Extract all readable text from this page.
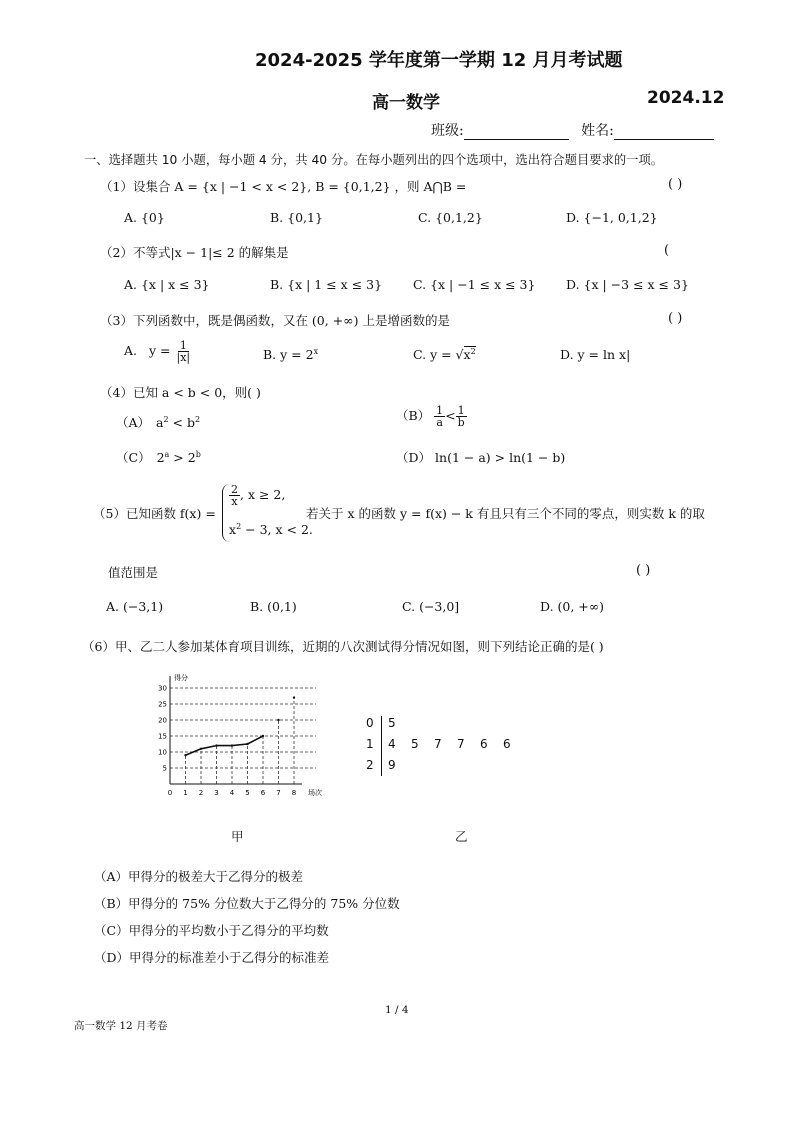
2024-2025 学年度第一学期 12 月月考试题
高一数学	2024.12
班级:	姓名:
一、选择题共 10 小题，每小题 4 分，共 40 分。在每小题列出的四个选项中，选出符合题目要求的一项。
（1）设集合 A = {x | −1 < x < 2}, B = {0,1,2} ，则 A⋂B =	( )
A. {0}	B. {0,1}	C. {0,1,2}	D. {−1, 0,1,2}
（2）不等式|x − 1|≤ 2 的解集是	(
A. {x | x ≤ 3}	B. {x | 1 ≤ x ≤ 3} C. {x | −1 ≤ x ≤ 3} D. {x | −3 ≤ x ≤ 3}
（3）下列函数中，既是偶函数，又在 (0, +∞) 上是增函数的是	( )
A. $y = \frac{1}{|x|}$	B. $y = 2^x$	C. $y = √x^2$	D. y = ln x|
（4）已知 a < b < 0，则( )
（A） $a^2 < b^2$	$(B) \frac{1}{a} < \frac{1}{b}$
（C） $2^a > 2^b$	（D） ln(1 − a) > ln(1 − b)
（5）已知函数 f(x) =
$\frac{2}{x}$ , x ≥ 2,
$x^2 - 3$, x < 2.
若关于 x 的函数 y = f(x) − k 有且只有三个不同的零点，则实数 k 的取
值范围是	( )
A. (−3,1)	B. (0,1)	C. (−3,0]	D. (0, +∞)
（6）甲、乙二人参加某体育项目训练，近期的八次测试得分情况如图，则下列结论正确的是( )
5
10
15
20
25
30
得分
场次
0 1 2 3 4 5 6 7 8
0 5
1 4 5 7 7 6 6
2 9
甲	乙
（A）甲得分的极差大于乙得分的极差
（B）甲得分的 75% 分位数大于乙得分的 75% 分位数
（C）甲得分的平均数小于乙得分的平均数
（D）甲得分的标准差小于乙得分的标准差
1 / 4
高一数学 12 月考卷
